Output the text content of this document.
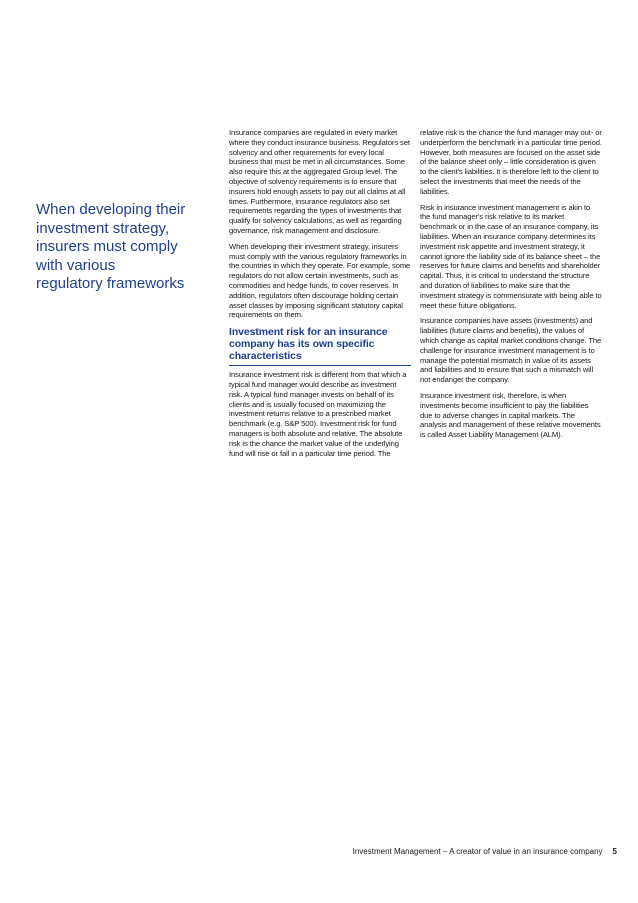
When developing their investment strategy, insurers must comply with various regulatory frameworks

Insurance companies are regulated in every market where they conduct insurance business. Regulators set solvency and other requirements for every local business that must be met in all circumstances. Some also require this at the aggregated Group level. The objective of solvency requirements is to ensure that insurers hold enough assets to pay out all claims at all times. Furthermore, insurance regulators also set requirements regarding the types of investments that qualify for solvency calculations, as well as regarding governance, risk management and disclosure.

When developing their investment strategy, insurers must comply with the various regulatory frameworks in the countries in which they operate. For example, some regulators do not allow certain investments, such as commodities and hedge funds, to cover reserves. In addition, regulators often discourage holding certain asset classes by imposing significant statutory capital requirements on them.

Investment risk for an insurance company has its own specific characteristics

Insurance investment risk is different from that which a typical fund manager would describe as investment risk. A typical fund manager invests on behalf of its clients and is usually focused on maximizing the investment returns relative to a prescribed market benchmark (e.g. S&P 500). Investment risk for fund managers is both absolute and relative. The absolute risk is the chance the market value of the underlying fund will rise or fall in a particular time period. The

relative risk is the chance the fund manager may out- or underperform the benchmark in a particular time period. However, both measures are focused on the asset side of the balance sheet only – little consideration is given to the client's liabilities. It is therefore left to the client to select the investments that meet the needs of the liabilities.

Risk in insurance investment management is akin to the fund manager's risk relative to its market benchmark or in the case of an insurance company, its liabilities. When an insurance company determines its investment risk appetite and investment strategy, it cannot ignore the liability side of its balance sheet – the reserves for future claims and benefits and shareholder capital. Thus, it is critical to understand the structure and duration of liabilities to make sure that the investment strategy is commensurate with being able to meet these future obligations.

Insurance companies have assets (investments) and liabilities (future claims and benefits), the values of which change as capital market conditions change. The challenge for insurance investment management is to manage the potential mismatch in value of its assets and liabilities and to ensure that such a mismatch will not endanger the company.

Insurance investment risk, therefore, is when investments become insufficient to pay the liabilities due to adverse changes in capital markets. The analysis and management of these relative movements is called Asset Liability Management (ALM).

Investment Management – A creator of value in an insurance company 5
